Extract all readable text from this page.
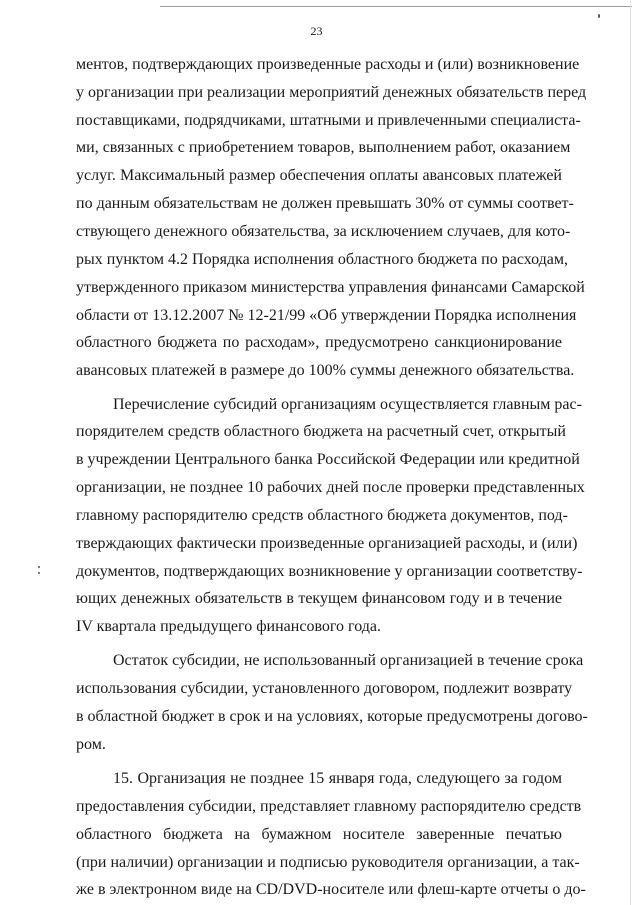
23
ментов, подтверждающих произведенные расходы и (или) возникновение
у организации при реализации мероприятий денежных обязательств перед
поставщиками, подрядчиками, штатными и привлеченными специалиста-
ми, связанных с приобретением товаров, выполнением работ, оказанием
услуг. Максимальный размер обеспечения оплаты авансовых платежей
по данным обязательствам не должен превышать 30% от суммы соответ-
ствующего денежного обязательства, за исключением случаев, для кото-
рых пунктом 4.2 Порядка исполнения областного бюджета по расходам,
утвержденного приказом министерства управления финансами Самарской
области от 13.12.2007 № 12-21/99 «Об утверждении Порядка исполнения
областного бюджета по расходам», предусмотрено санкционирование
авансовых платежей в размере до 100% суммы денежного обязательства.
Перечисление субсидий организациям осуществляется главным рас-
порядителем средств областного бюджета на расчетный счет, открытый
в учреждении Центрального банка Российской Федерации или кредитной
организации, не позднее 10 рабочих дней после проверки представленных
главному распорядителю средств областного бюджета документов, под-
тверждающих фактически произведенные организацией расходы, и (или)
документов, подтверждающих возникновение у организации соответству-
ющих денежных обязательств в текущем финансовом году и в течение
IV квартала предыдущего финансового года.
Остаток субсидии, не использованный организацией в течение срока
использования субсидии, установленного договором, подлежит возврату
в областной бюджет в срок и на условиях, которые предусмотрены догово-
ром.
15. Организация не позднее 15 января года, следующего за годом
предоставления субсидии, представляет главному распорядителю средств
областного бюджета на бумажном носителе заверенные печатью
(при наличии) организации и подписью руководителя организации, а так-
же в электронном виде на CD/DVD-носителе или флеш-карте отчеты о до-
